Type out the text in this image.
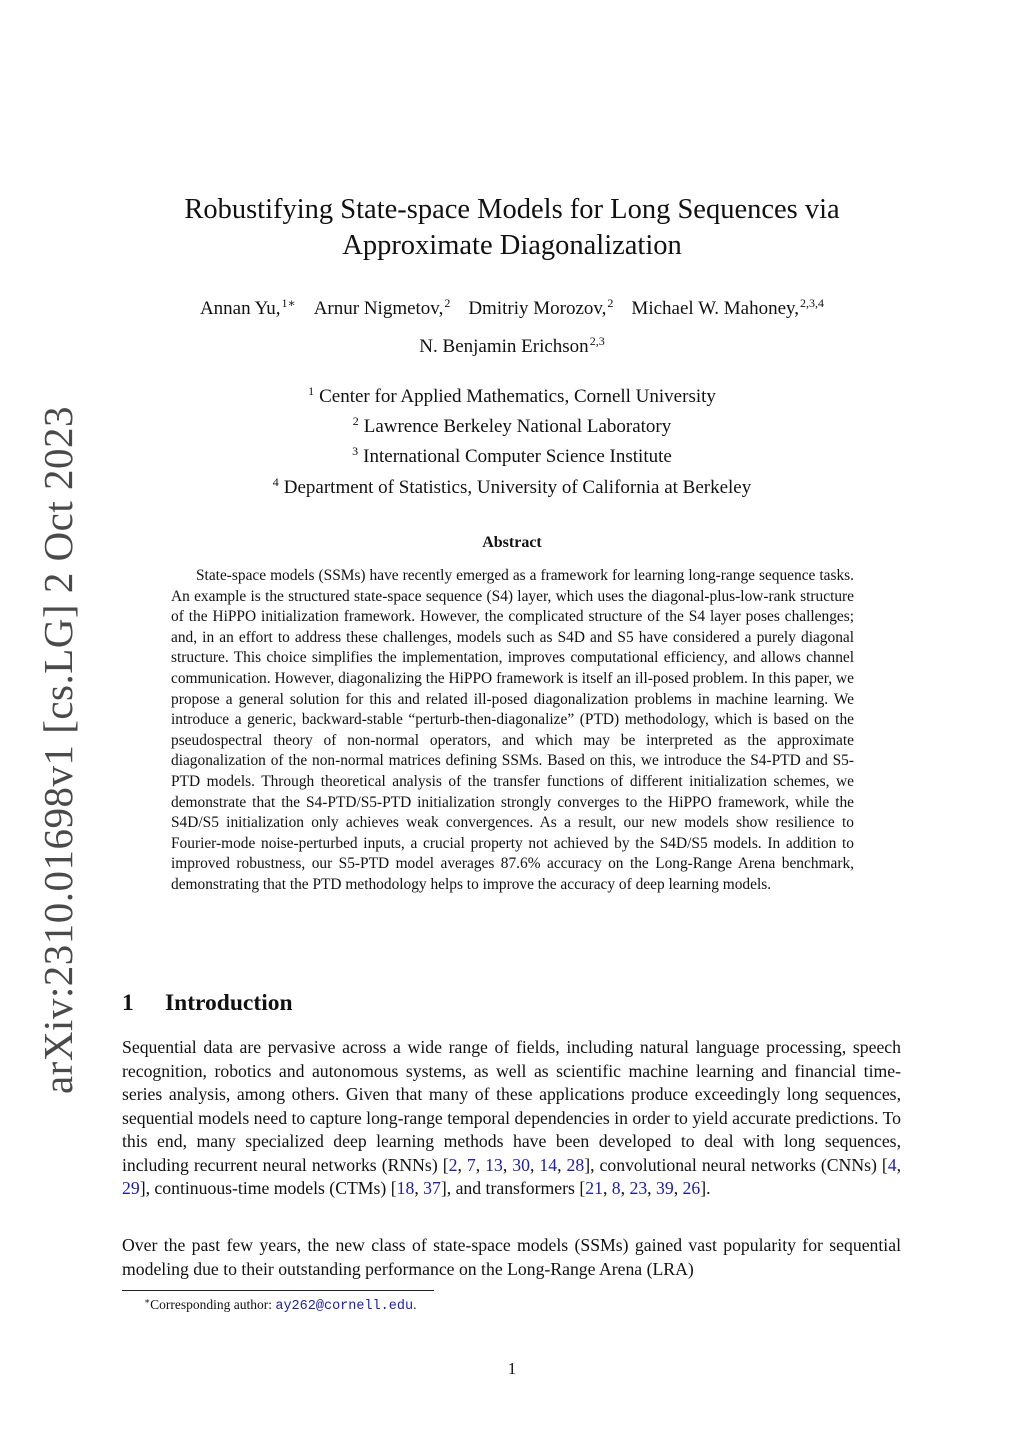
arXiv:2310.01698v1 [cs.LG] 2 Oct 2023
Robustifying State-space Models for Long Sequences via
Approximate Diagonalization
Annan Yu,$^{1∗}$ Arnur Nigmetov,$^2$ Dmitriy Morozov,$^2$ Michael W. Mahoney,$^{2,3,4}$
N. Benjamin Erichson$^{2,3}$
$^1$ Center for Applied Mathematics, Cornell University
$^2$ Lawrence Berkeley National Laboratory
$^3$ International Computer Science Institute
$^4$ Department of Statistics, University of California at Berkeley
Abstract

State-space models (SSMs) have recently emerged as a framework for learning long-range sequence tasks. An example is the structured state-space sequence (S4) layer, which uses the diagonal-plus-low-rank structure of the HiPPO initialization framework. However, the complicated structure of the S4 layer poses challenges; and, in an effort to address these challenges, models such as S4D and S5 have considered a purely diagonal structure. This choice simplifies the implementation, improves computational efficiency, and allows channel communication. However, diagonalizing the HiPPO framework is itself an ill-posed problem. In this paper, we propose a general solution for this and related ill-posed diagonalization problems in machine learning. We introduce a generic, backward-stable “perturb-then-diagonalize” (PTD) methodology, which is based on the pseudospectral theory of non-normal operators, and which may be interpreted as the approximate diagonalization of the non-normal matrices defining SSMs. Based on this, we introduce the S4-PTD and S5-PTD models. Through theoretical analysis of the transfer functions of different initialization schemes, we demonstrate that the S4-PTD/S5-PTD initialization strongly converges to the HiPPO framework, while the S4D/S5 initialization only achieves weak convergences. As a result, our new models show resilience to Fourier-mode noise-perturbed inputs, a crucial property not achieved by the S4D/S5 models. In addition to improved robustness, our S5-PTD model averages 87.6% accuracy on the Long-Range Arena benchmark, demonstrating that the PTD methodology helps to improve the accuracy of deep learning models.

1 Introduction

Sequential data are pervasive across a wide range of fields, including natural language processing, speech recognition, robotics and autonomous systems, as well as scientific machine learning and financial time-series analysis, among others. Given that many of these applications produce exceedingly long sequences, sequential models need to capture long-range temporal dependencies in order to yield accurate predictions. To this end, many specialized deep learning methods have been developed to deal with long sequences, including recurrent neural networks (RNNs) [2, 7, 13, 30, 14, 28], convolutional neural networks (CNNs) [4, 29], continuous-time models (CTMs) [18, 37], and transformers [21, 8, 23, 39, 26].

Over the past few years, the new class of state-space models (SSMs) gained vast popularity for sequential modeling due to their outstanding performance on the Long-Range Arena (LRA)

∗Corresponding author: ay262@cornell.edu.
1
